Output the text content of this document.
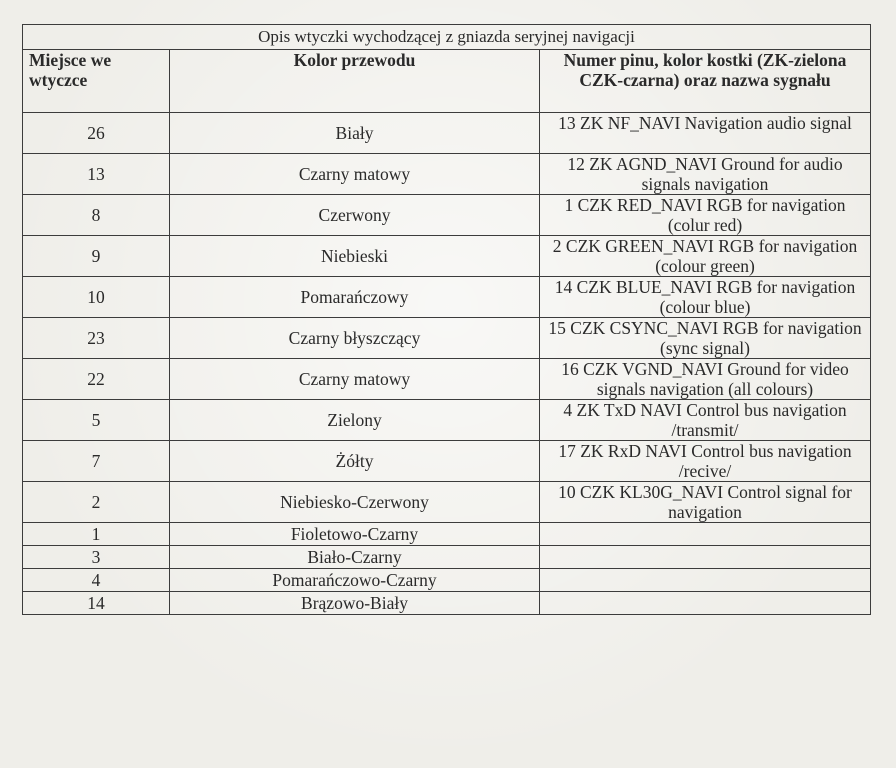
Opis wtyczki wychodzącej z gniazda seryjnej navigacji		
Miejsce we wtyczce	Kolor przewodu	Numer pinu, kolor kostki (ZK-zielona CZK-czarna) oraz nazwa sygnału
26	Biały	13 ZK NF_NAVI Navigation audio signal
13	Czarny matowy	12 ZK AGND_NAVI Ground for audio signals navigation
8	Czerwony	1 CZK RED_NAVI RGB for navigation (colur red)
9	Niebieski	2 CZK GREEN_NAVI RGB for navigation (colour green)
10	Pomarańczowy	14 CZK BLUE_NAVI RGB for navigation (colour blue)
23	Czarny błyszczący	15 CZK CSYNC_NAVI RGB for navigation (sync signal)
22	Czarny matowy	16 CZK VGND_NAVI Ground for video signals navigation (all colours)
5	Zielony	4 ZK TxD NAVI Control bus navigation /transmit/
7	Żółty	17 ZK RxD NAVI Control bus navigation /recive/
2	Niebiesko-Czerwony	10 CZK KL30G_NAVI Control signal for navigation
1	Fioletowo-Czarny	
3	Biało-Czarny	
4	Pomarańczowo-Czarny	
14	Brązowo-Biały	
